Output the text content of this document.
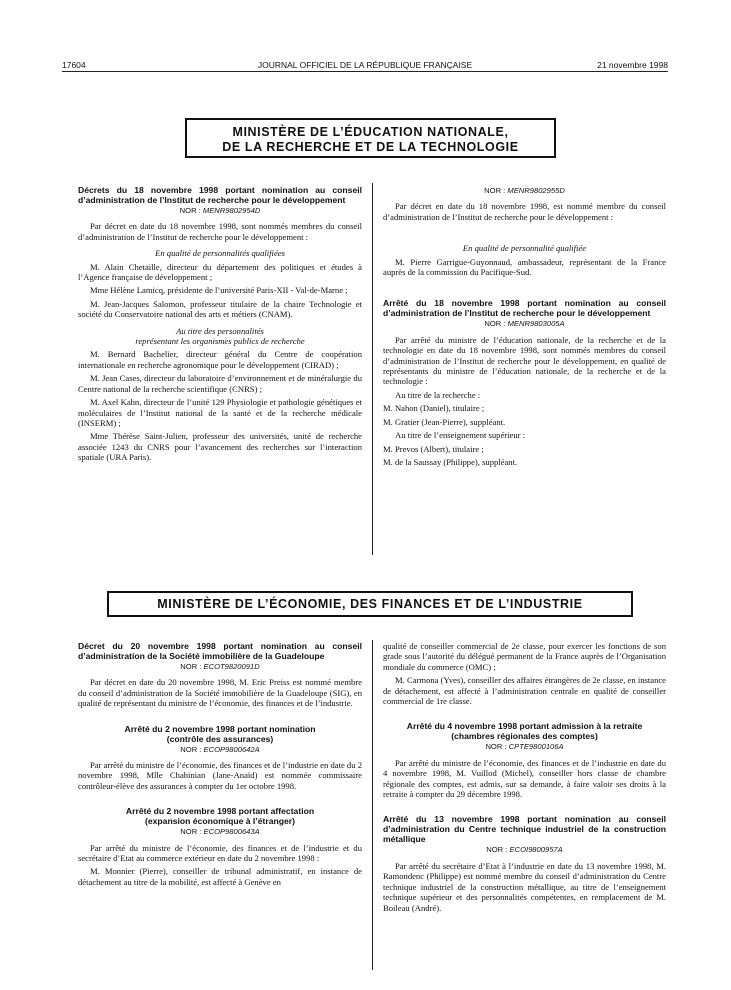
17604	JOURNAL OFFICIEL DE LA RÉPUBLIQUE FRANÇAISE	21 novembre 1998
MINISTÈRE DE L’ÉDUCATION NATIONALE,
DE LA RECHERCHE ET DE LA TECHNOLOGIE
Décrets du 18 novembre 1998 portant nomination au conseil d’administration de l’Institut de recherche pour le développement
NOR : MENR9802954D

Par décret en date du 18 novembre 1998, sont nommés membres du conseil d’administration de l’Institut de recherche pour le développement :

En qualité de personnalités qualifiées

M. Alain Chetaille, directeur du département des politiques et études à l’Agence française de développement ;

Mme Hélène Lamicq, présidente de l’université Paris-XII - Val-de-Marne ;

M. Jean-Jacques Salomon, professeur titulaire de la chaire Technologie et société du Conservatoire national des arts et métiers (CNAM).

Au titre des personnalités
représentant les organismes publics de recherche

M. Bernard Bachelier, directeur général du Centre de coopération internationale en recherche agronomique pour le développement (CIRAD) ;

M. Jean Cases, directeur du laboratoire d’environnement et de minéralurgie du Centre national de la recherche scientifique (CNRS) ;

M. Axel Kahn, directeur de l’unité 129 Physiologie et pathologie génétiques et moléculaires de l’Institut national de la santé et de la recherche médicale (INSERM) ;

Mme Thérèse Saint-Julien, professeur des universités, unité de recherche associée 1243 du CNRS pour l’avancement des recherches sur l’interaction spatiale (URA Paris).

NOR : MENR9802955D

Par décret en date du 18 novembre 1998, est nommé membre du conseil d’administration de l’Institut de recherche pour le développement :

En qualité de personnalité qualifiée

M. Pierre Garrigue-Guyonnaud, ambassadeur, représentant de la France auprès de la commission du Pacifique-Sud.

Arrêté du 18 novembre 1998 portant nomination au conseil d’administration de l’Institut de recherche pour le développement
NOR : MENR9803005A

Par arrêté du ministre de l’éducation nationale, de la recherche et de la technologie en date du 18 novembre 1998, sont nommés membres du conseil d’administration de l’Institut de recherche pour le développement, en qualité de représentants du ministre de l’éducation nationale, de la recherche et de la technologie :

Au titre de la recherche :

M. Nahon (Daniel), titulaire ;

M. Gratier (Jean-Pierre), suppléant.

Au titre de l’enseignement supérieur :

M. Prevos (Albert), titulaire ;

M. de la Saussay (Philippe), suppléant.

MINISTÈRE DE L’ÉCONOMIE, DES FINANCES ET DE L’INDUSTRIE
Décret du 20 novembre 1998 portant nomination au conseil d’administration de la Société immobilière de la Guadeloupe
NOR : ECOT9820091D

Par décret en date du 20 novembre 1998, M. Eric Preiss est nommé membre du conseil d’administration de la Société immobilière de la Guadeloupe (SIG), en qualité de représentant du ministre de l’économie, des finances et de l’industrie.

Arrêté du 2 novembre 1998 portant nomination
(contrôle des assurances)
NOR : ECOP9800642A

Par arrêté du ministre de l’économie, des finances et de l’industrie en date du 2 novembre 1998, Mlle Chahinian (Jane-Anaïd) est nommée commissaire contrôleur-élève des assurances à compter du 1er octobre 1998.

Arrêté du 2 novembre 1998 portant affectation
(expansion économique à l’étranger)
NOR : ECOP9800643A

Par arrêté du ministre de l’économie, des finances et de l’industrie et du secrétaire d’Etat au commerce extérieur en date du 2 novembre 1998 :

M. Monnier (Pierre), conseiller de tribunal administratif, en instance de détachement au titre de la mobilité, est affecté à Genève en

qualité de conseiller commercial de 2e classe, pour exercer les fonctions de son grade sous l’autorité du délégué permanent de la France auprès de l’Organisation mondiale du commerce (OMC) ;

M. Carmona (Yves), conseiller des affaires étrangères de 2e classe, en instance de détachement, est affecté à l’administration centrale en qualité de conseiller commercial de 1re classe.

Arrêté du 4 novembre 1998 portant admission à la retraite
(chambres régionales des comptes)
NOR : CPTE9800106A

Par arrêté du ministre de l’économie, des finances et de l’industrie en date du 4 novembre 1998, M. Vuillod (Michel), conseiller hors classe de chambre régionale des comptes, est admis, sur sa demande, à faire valoir ses droits à la retraite à compter du 29 décembre 1998.

Arrêté du 13 novembre 1998 portant nomination au conseil d’administration du Centre technique industriel de la construction métallique
NOR : ECOI9800957A

Par arrêté du secrétaire d’Etat à l’industrie en date du 13 novembre 1998, M. Ramondenc (Philippe) est nommé membre du conseil d’administration du Centre technique industriel de la construction métallique, au titre de l’enseignement technique supérieur et des personnalités compétentes, en remplacement de M. Boileau (André).
